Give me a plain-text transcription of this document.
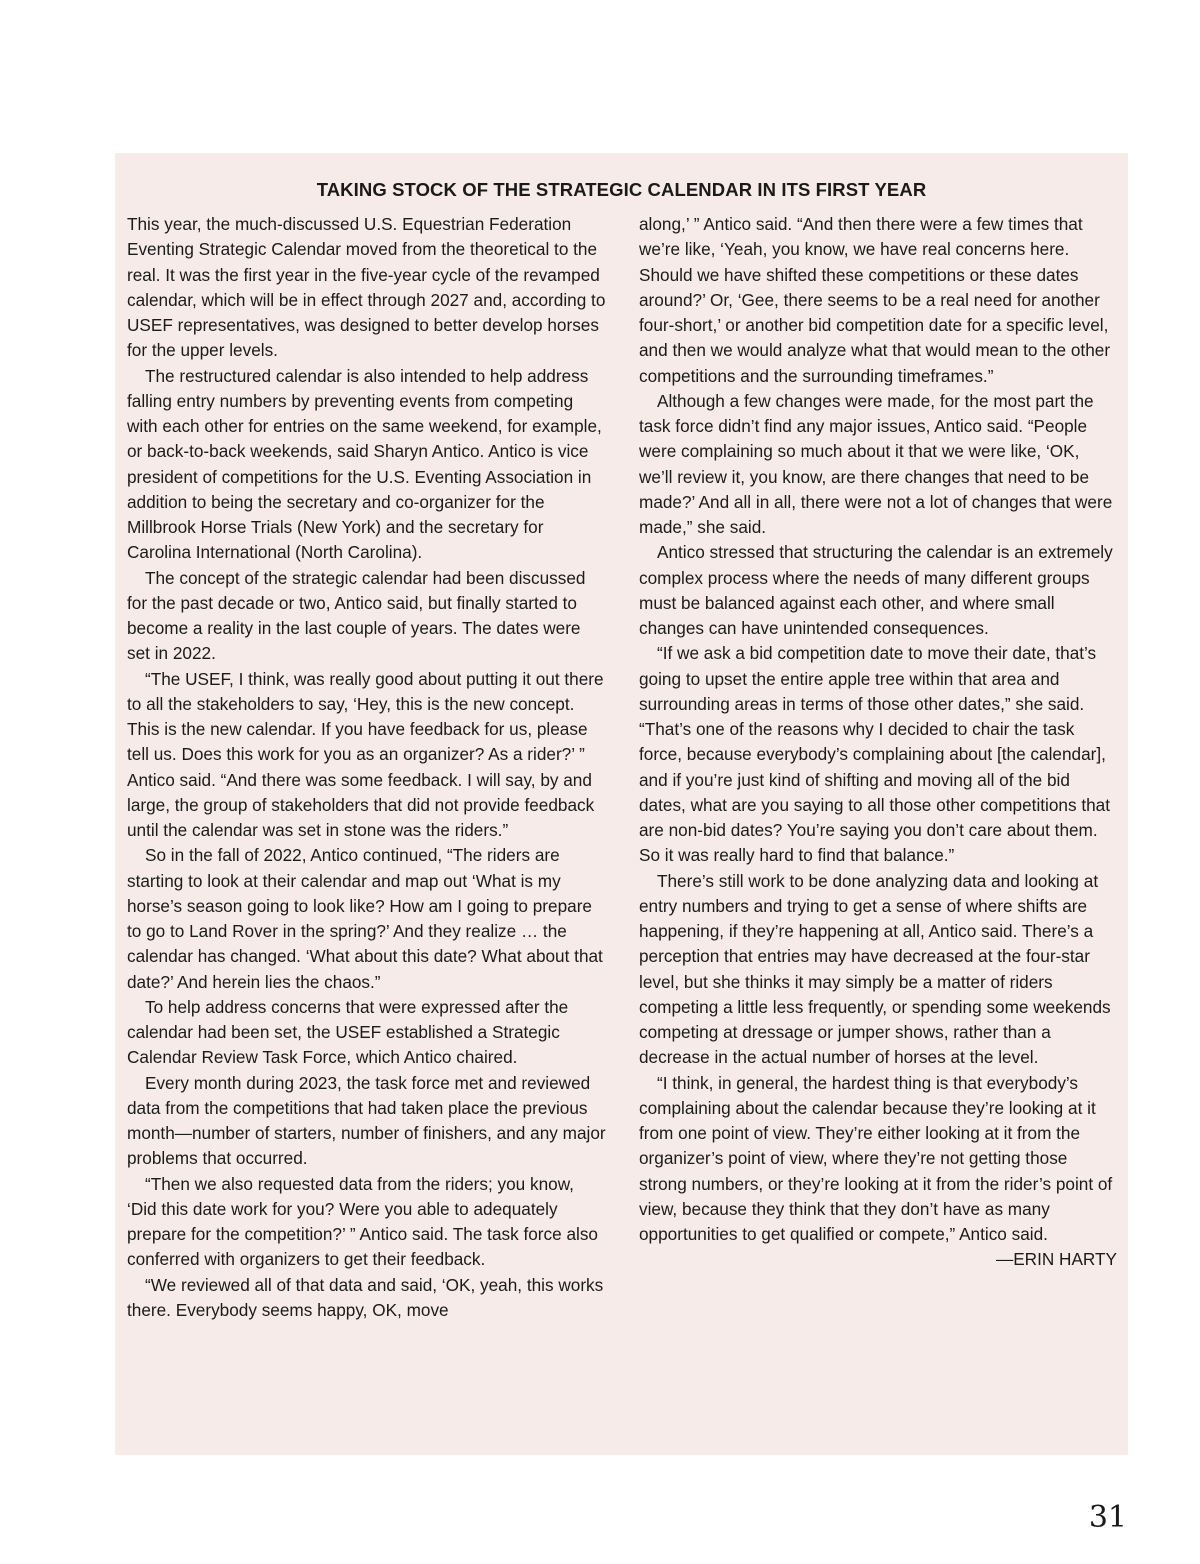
TAKING STOCK OF THE STRATEGIC CALENDAR IN ITS FIRST YEAR

This year, the much-discussed U.S. Equestrian Federation Eventing Strategic Calendar moved from the theoretical to the real. It was the first year in the five-year cycle of the revamped calendar, which will be in effect through 2027 and, according to USEF representatives, was designed to better develop horses for the upper levels.

The restructured calendar is also intended to help address falling entry numbers by preventing events from competing with each other for entries on the same weekend, for example, or back-to-back weekends, said Sharyn Antico. Antico is vice president of competitions for the U.S. Eventing Association in addition to being the secretary and co-organizer for the Millbrook Horse Trials (New York) and the secretary for Carolina International (North Carolina).

The concept of the strategic calendar had been discussed for the past decade or two, Antico said, but finally started to become a reality in the last couple of years. The dates were set in 2022.

“The USEF, I think, was really good about putting it out there to all the stakeholders to say, ‘Hey, this is the new concept. This is the new calendar. If you have feedback for us, please tell us. Does this work for you as an organizer? As a rider?’ ” Antico said. “And there was some feedback. I will say, by and large, the group of stakeholders that did not provide feedback until the calendar was set in stone was the riders.”

So in the fall of 2022, Antico continued, “The riders are starting to look at their calendar and map out ‘What is my horse’s season going to look like? How am I going to prepare to go to Land Rover in the spring?’ And they realize … the calendar has changed. ‘What about this date? What about that date?’ And herein lies the chaos.”

To help address concerns that were expressed after the calendar had been set, the USEF established a Strategic Calendar Review Task Force, which Antico chaired.

Every month during 2023, the task force met and reviewed data from the competitions that had taken place the previous month—number of starters, number of finishers, and any major problems that occurred.

“Then we also requested data from the riders; you know, ‘Did this date work for you? Were you able to adequately prepare for the competition?’ ” Antico said. The task force also conferred with organizers to get their feedback.

“We reviewed all of that data and said, ‘OK, yeah, this works there. Everybody seems happy, OK, move

along,’ ” Antico said. “And then there were a few times that we’re like, ‘Yeah, you know, we have real concerns here. Should we have shifted these competitions or these dates around?’ Or, ‘Gee, there seems to be a real need for another four-short,’ or another bid competition date for a specific level, and then we would analyze what that would mean to the other competitions and the surrounding timeframes.”

Although a few changes were made, for the most part the task force didn’t find any major issues, Antico said. “People were complaining so much about it that we were like, ‘OK, we’ll review it, you know, are there changes that need to be made?’ And all in all, there were not a lot of changes that were made,” she said.

Antico stressed that structuring the calendar is an extremely complex process where the needs of many different groups must be balanced against each other, and where small changes can have unintended consequences.

“If we ask a bid competition date to move their date, that’s going to upset the entire apple tree within that area and surrounding areas in terms of those other dates,” she said. “That’s one of the reasons why I decided to chair the task force, because everybody’s complaining about [the calendar], and if you’re just kind of shifting and moving all of the bid dates, what are you saying to all those other competitions that are non-bid dates? You’re saying you don’t care about them. So it was really hard to find that balance.”

There’s still work to be done analyzing data and looking at entry numbers and trying to get a sense of where shifts are happening, if they’re happening at all, Antico said. There’s a perception that entries may have decreased at the four-star level, but she thinks it may simply be a matter of riders competing a little less frequently, or spending some weekends competing at dressage or jumper shows, rather than a decrease in the actual number of horses at the level.

“I think, in general, the hardest thing is that everybody’s complaining about the calendar because they’re looking at it from one point of view. They’re either looking at it from the organizer’s point of view, where they’re not getting those strong numbers, or they’re looking at it from the rider’s point of view, because they think that they don’t have as many opportunities to get qualified or compete,” Antico said.

—ERIN HARTY

31
